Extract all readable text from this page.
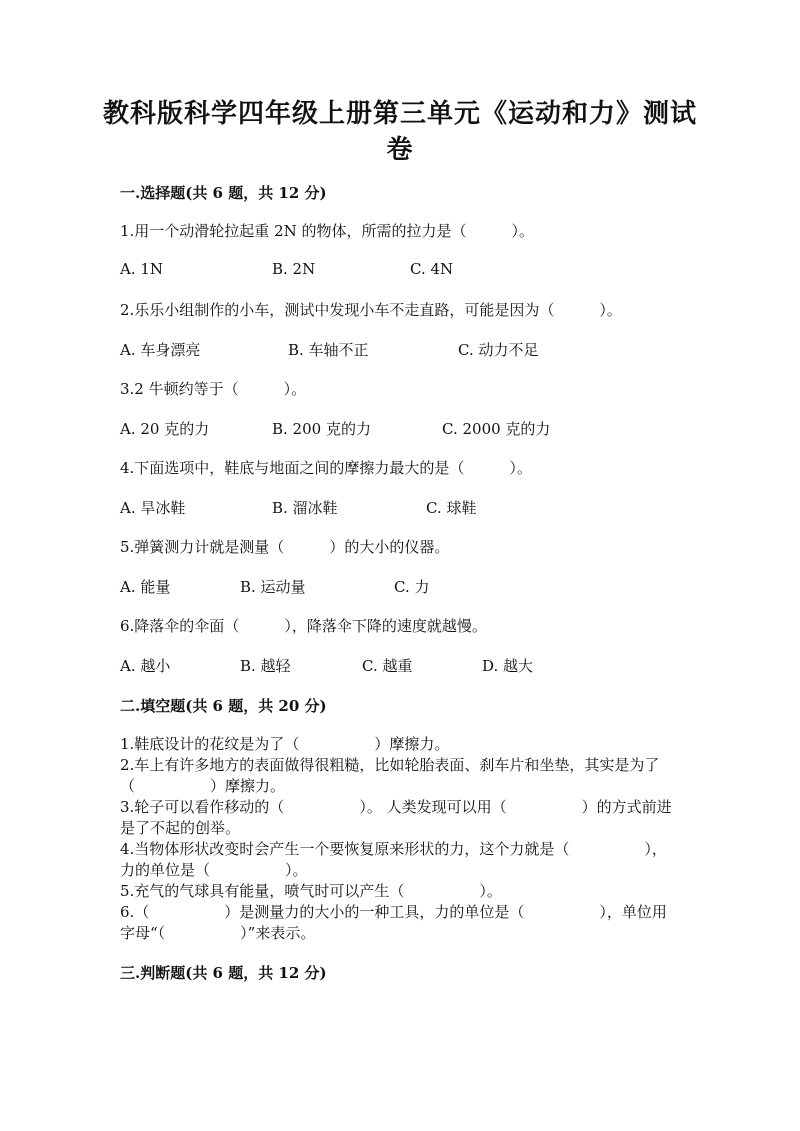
教科版科学四年级上册第三单元《运动和力》测试
卷
一.选择题(共 6 题，共 12 分)
1.用一个动滑轮拉起重 2N 的物体，所需的拉力是（　　　）。
A. 1N	B. 2N	C. 4N
2.乐乐小组制作的小车，测试中发现小车不走直路，可能是因为（　　　）。
A. 车身漂亮	B. 车轴不正	C. 动力不足
3.2 牛顿约等于（　　　）。
A. 20 克的力	B. 200 克的力	C. 2000 克的力
4.下面选项中，鞋底与地面之间的摩擦力最大的是（　　　）。
A. 旱冰鞋	B. 溜冰鞋	C. 球鞋
5.弹簧测力计就是测量（　　　）的大小的仪器。
A. 能量	B. 运动量	C. 力
6.降落伞的伞面（　　　），降落伞下降的速度就越慢。
A. 越小	B. 越轻	C. 越重	D. 越大
二.填空题(共 6 题，共 20 分)

1.鞋底设计的花纹是为了（　　　　　）摩擦力。

2.车上有许多地方的表面做得很粗糙，比如轮胎表面、刹车片和坐垫，其实是为了（　　　　　）摩擦力。

3.轮子可以看作移动的（　　　　　）。 人类发现可以用（　　　　　）的方式前进是了不起的创举。

4.当物体形状改变时会产生一个要恢复原来形状的力，这个力就是（　　　　　），力的单位是（　　　　　）。

5.充气的气球具有能量，喷气时可以产生（　　　　　）。

6.（　　　　　）是测量力的大小的一种工具，力的单位是（　　　　　），单位用字母“（　　　　　）”来表示。

三.判断题(共 6 题，共 12 分)
